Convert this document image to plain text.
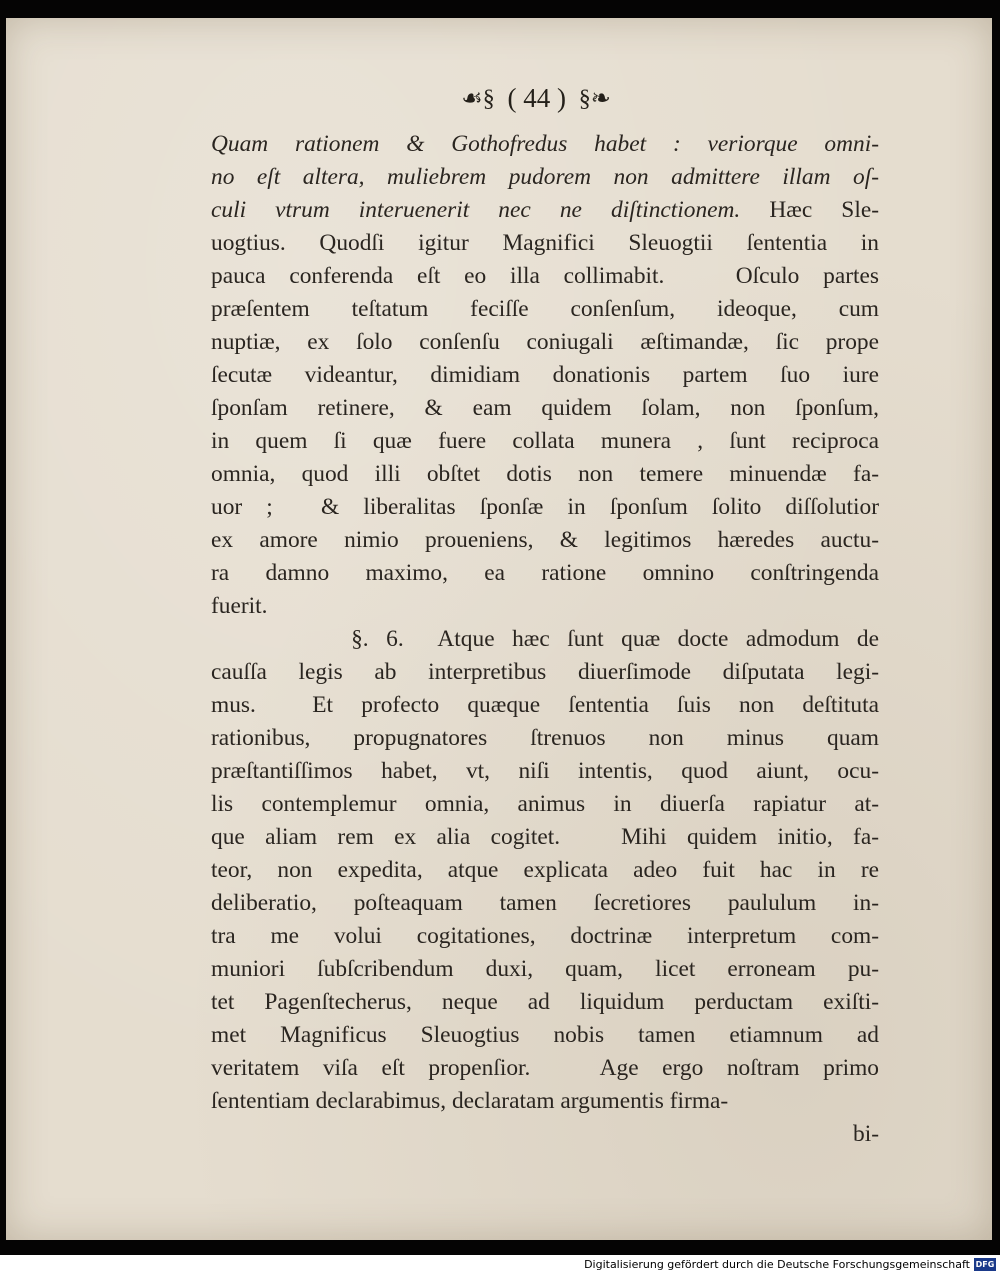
☙§ ( 44 ) §❧
Quam rationem & Gothofredus habet : veriorque omni-
no eſt altera, muliebrem pudorem non admittere illam oſ-
culi vtrum interuenerit nec ne diſtinctionem. Hæc Sle-
uogtius. Quodſi igitur Magnifici Sleuogtii ſententia in
pauca conferenda eſt eo illa collimabit.   Oſculo partes
præſentem teſtatum feciſſe conſenſum, ideoque, cum
nuptiæ, ex ſolo conſenſu coniugali æſtimandæ, ſic prope
ſecutæ videantur, dimidiam donationis partem ſuo iure
ſponſam retinere, & eam quidem ſolam, non ſponſum,
in quem ſi quæ fuere collata munera , ſunt reciproca
omnia, quod illi obſtet dotis non temere minuendæ fa-
uor ;  & liberalitas ſponſæ in ſponſum ſolito diſſolutior
ex amore nimio proueniens, & legitimos hæredes auctu-
ra damno maximo, ea ratione omnino conſtringenda
fuerit.
§. 6.  Atque hæc ſunt quæ docte admodum de
cauſſa legis ab interpretibus diuerſimode diſputata legi-
mus.  Et profecto quæque ſententia ſuis non deſtituta
rationibus, propugnatores ſtrenuos non minus quam
præſtantiſſimos habet, vt, niſi intentis, quod aiunt, ocu-
lis contemplemur omnia, animus in diuerſa rapiatur at-
que aliam rem ex alia cogitet.   Mihi quidem initio, fa-
teor, non expedita, atque explicata adeo fuit hac in re
deliberatio, poſteaquam tamen ſecretiores paululum in-
tra me volui cogitationes, doctrinæ interpretum com-
muniori ſubſcribendum duxi, quam, licet erroneam pu-
tet Pagenſtecherus, neque ad liquidum perductam exiſti-
met Magnificus Sleuogtius nobis tamen etiamnum ad
veritatem viſa eſt propenſior.   Age ergo noſtram primo
ſententiam declarabimus, declaratam argumentis firma-
bi-
Digitalisierung gefördert durch die Deutsche Forschungsgemeinschaft DFG
